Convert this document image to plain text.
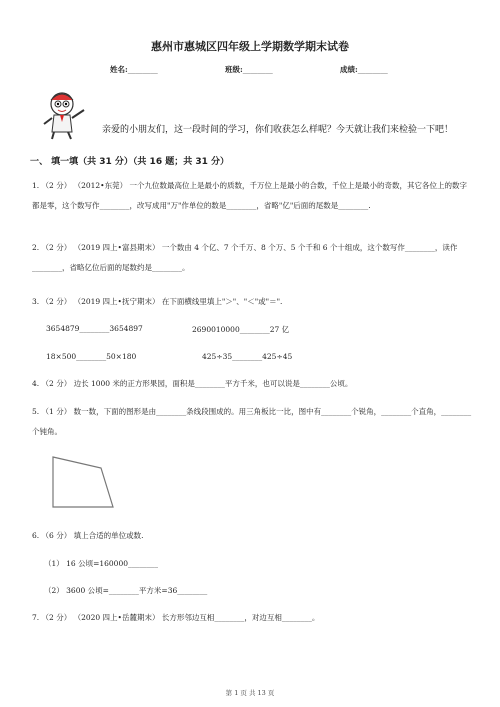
惠州市惠城区四年级上学期数学期末试卷
姓名:________	班级:________	成绩:________
亲爱的小朋友们，这一段时间的学习，你们收获怎么样呢？今天就让我们来检验一下吧！
一、 填一填（共 31 分）（共 16 题；共 31 分）
1. （2 分） （2012•东莞） 一个九位数最高位上是最小的质数，千万位上是最小的合数，千位上是最小的奇数，其它各位上的数字都是零，这个数写作________，改写成用"万"作单位的数是________，省略"亿"后面的尾数是________.
2. （2 分） （2019 四上•富县期末） 一个数由 4 个亿、7 个千万、8 个万、5 个千和 6 个十组成，这个数写作________，读作________，省略亿位后面的尾数约是________。
3. （2 分） （2019 四上•抚宁期末） 在下面横线里填上"＞"、"＜"或"＝".
3654879________3654897	2690010000________27 亿
18×500________50×180	425÷35________425÷45
4. （2 分） 边长 1000 米的正方形果园，面积是________平方千米，也可以说是________公顷。
5. （1 分） 数一数，下面的图形是由________条线段围成的。用三角板比一比，图中有________个锐角，________个直角，________个钝角。
6. （6 分） 填上合适的单位或数.
（1） 16 公顷=160000________
（2） 3600 公顷=________平方米=36________
7. （2 分） （2020 四上•岳麓期末） 长方形邻边互相________，对边互相________。
第 1 页 共 13 页
